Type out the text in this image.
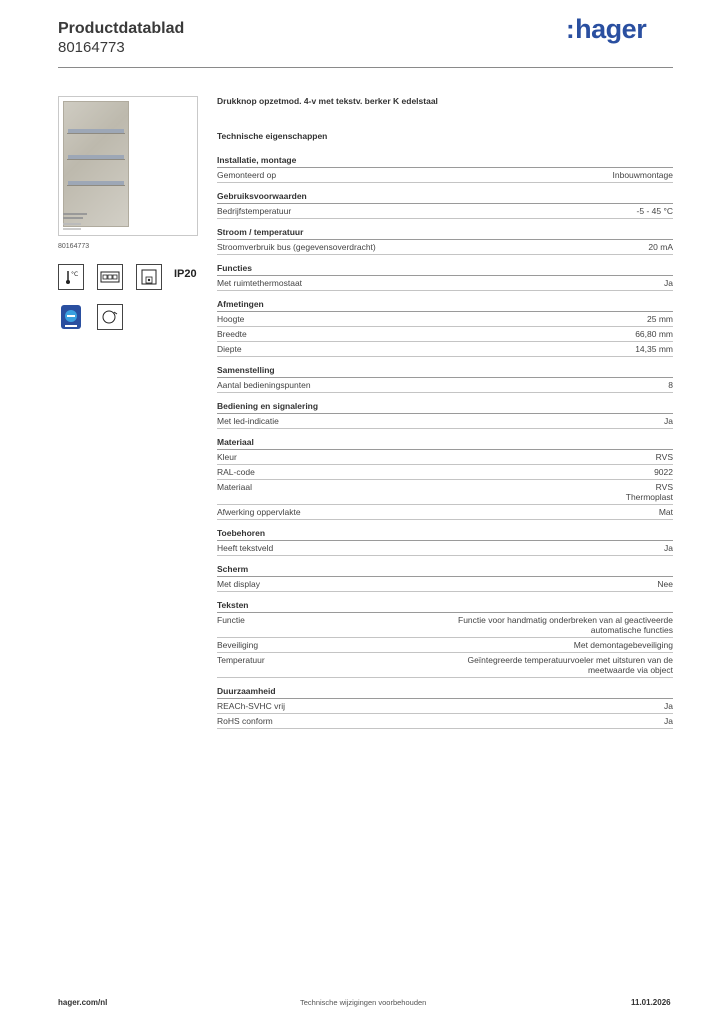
Productdatablad
80164773
:hager
80164773
°C	IP20
Drukknop opzetmod. 4-v met tekstv. berker K edelstaal
Technische eigenschappen
Installatie, montage
Gemonteerd op	Inbouwmontage
Gebruiksvoorwaarden
Bedrijfstemperatuur	-5 - 45 °C
Stroom / temperatuur
Stroomverbruik bus (gegevensoverdracht)	20 mA
Functies
Met ruimtethermostaat	Ja
Afmetingen
Hoogte	25 mm
Breedte	66,80 mm
Diepte	14,35 mm
Samenstelling
Aantal bedieningspunten	8
Bediening en signalering
Met led-indicatie	Ja
Materiaal
Kleur	RVS
RAL-code	9022
Materiaal	RVS
Thermoplast
Afwerking oppervlakte	Mat
Toebehoren
Heeft tekstveld	Ja
Scherm
Met display	Nee
Teksten
Functie	Functie voor handmatig onderbreken van al geactiveerde
automatische functies
Beveiliging	Met demontagebeveiliging
Temperatuur	Geïntegreerde temperatuurvoeler met uitsturen van de
meetwaarde via object
Duurzaamheid
REACh-SVHC vrij	Ja
RoHS conform	Ja
hager.com/nl	Technische wijzigingen voorbehouden	11.01.2026
